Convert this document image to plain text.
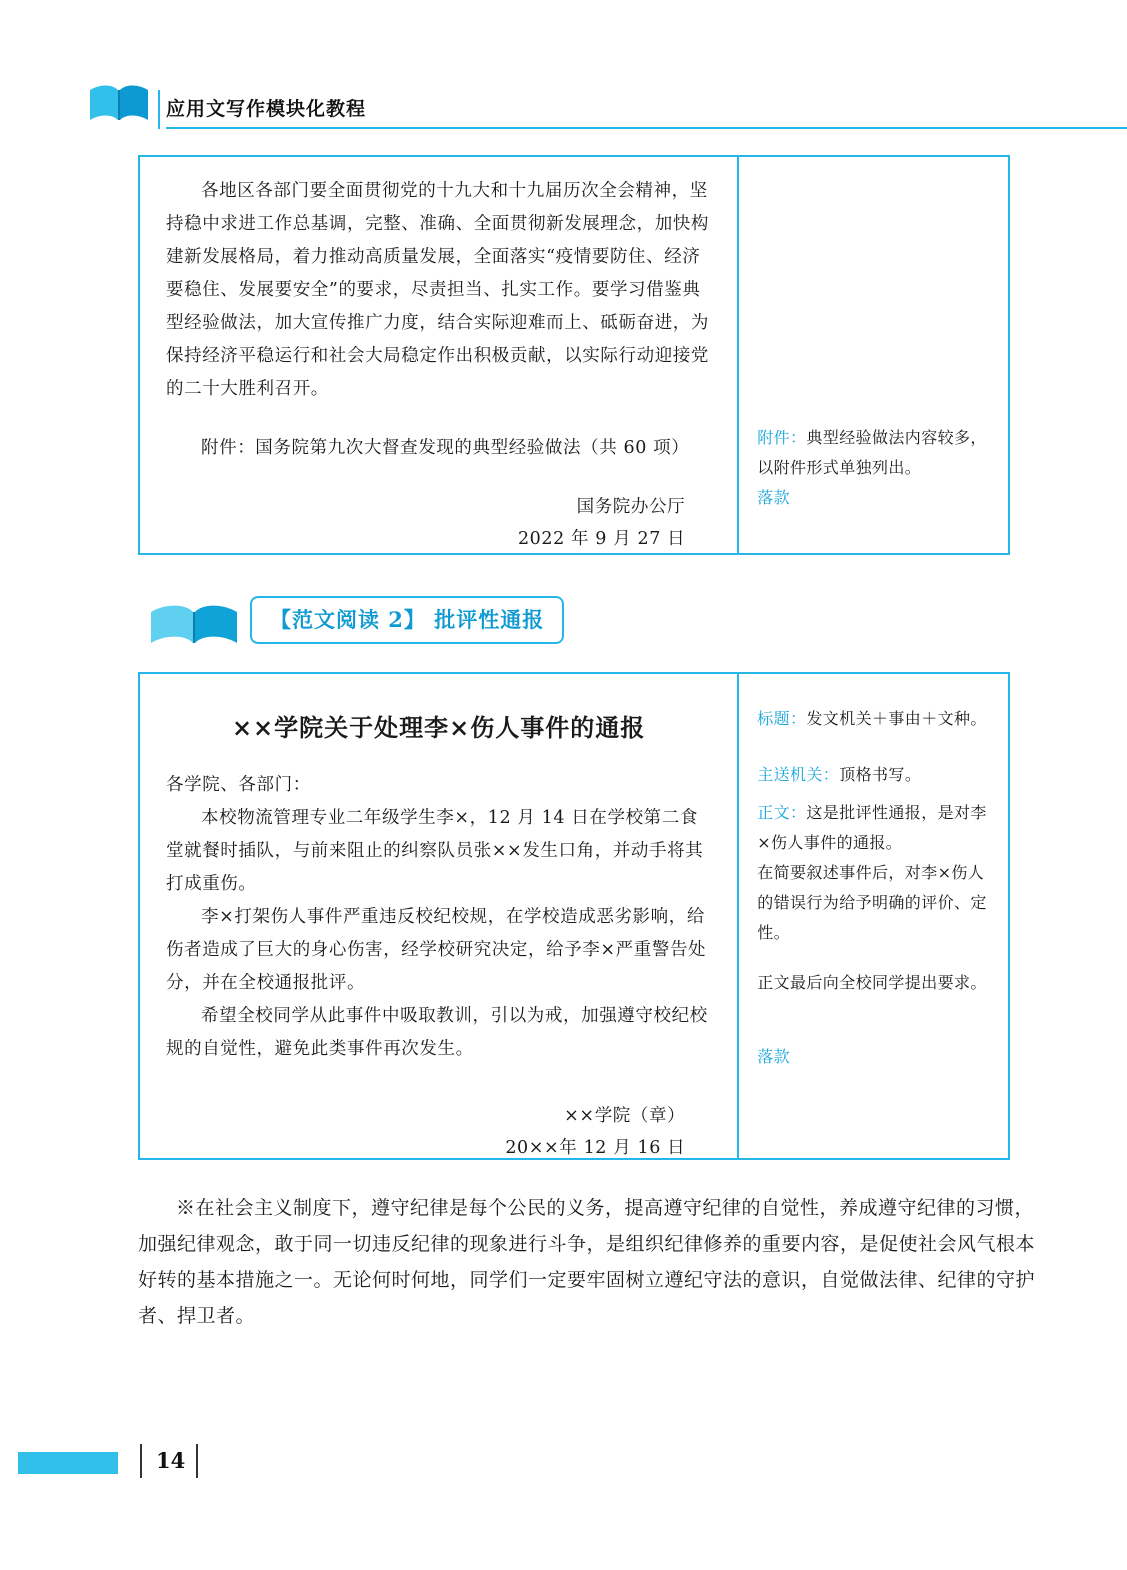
应用文写作模块化教程

各地区各部门要全面贯彻党的十九大和十九届历次全会精神，坚持稳中求进工作总基调，完整、准确、全面贯彻新发展理念，加快构建新发展格局，着力推动高质量发展，全面落实“疫情要防住、经济要稳住、发展要安全”的要求，尽责担当、扎实工作。要学习借鉴典型经验做法，加大宣传推广力度，结合实际迎难而上、砥砺奋进，为保持经济平稳运行和社会大局稳定作出积极贡献，以实际行动迎接党的二十大胜利召开。

附件：国务院第九次大督查发现的典型经验做法（共 60 项）

国务院办公厅
2022 年 9 月 27 日

附件：典型经验做法内容较多，以附件形式单独列出。

落款

【范文阅读 2】 批评性通报
××学院关于处理李×伤人事件的通报

各学院、各部门：

本校物流管理专业二年级学生李×，12 月 14 日在学校第二食堂就餐时插队，与前来阻止的纠察队员张××发生口角，并动手将其打成重伤。

李×打架伤人事件严重违反校纪校规，在学校造成恶劣影响，给伤者造成了巨大的身心伤害，经学校研究决定，给予李×严重警告处分，并在全校通报批评。

希望全校同学从此事件中吸取教训，引以为戒，加强遵守校纪校规的自觉性，避免此类事件再次发生。

××学院（章）
20××年 12 月 16 日

标题：发文机关＋事由＋文种。

主送机关：顶格书写。

正文：这是批评性通报，是对李×伤人事件的通报。

在简要叙述事件后，对李×伤人的错误行为给予明确的评价、定性。

正文最后向全校同学提出要求。

落款

※在社会主义制度下，遵守纪律是每个公民的义务，提高遵守纪律的自觉性，养成遵守纪律的习惯，加强纪律观念，敢于同一切违反纪律的现象进行斗争，是组织纪律修养的重要内容，是促使社会风气根本好转的基本措施之一。无论何时何地，同学们一定要牢固树立遵纪守法的意识，自觉做法律、纪律的守护者、捍卫者。
14
